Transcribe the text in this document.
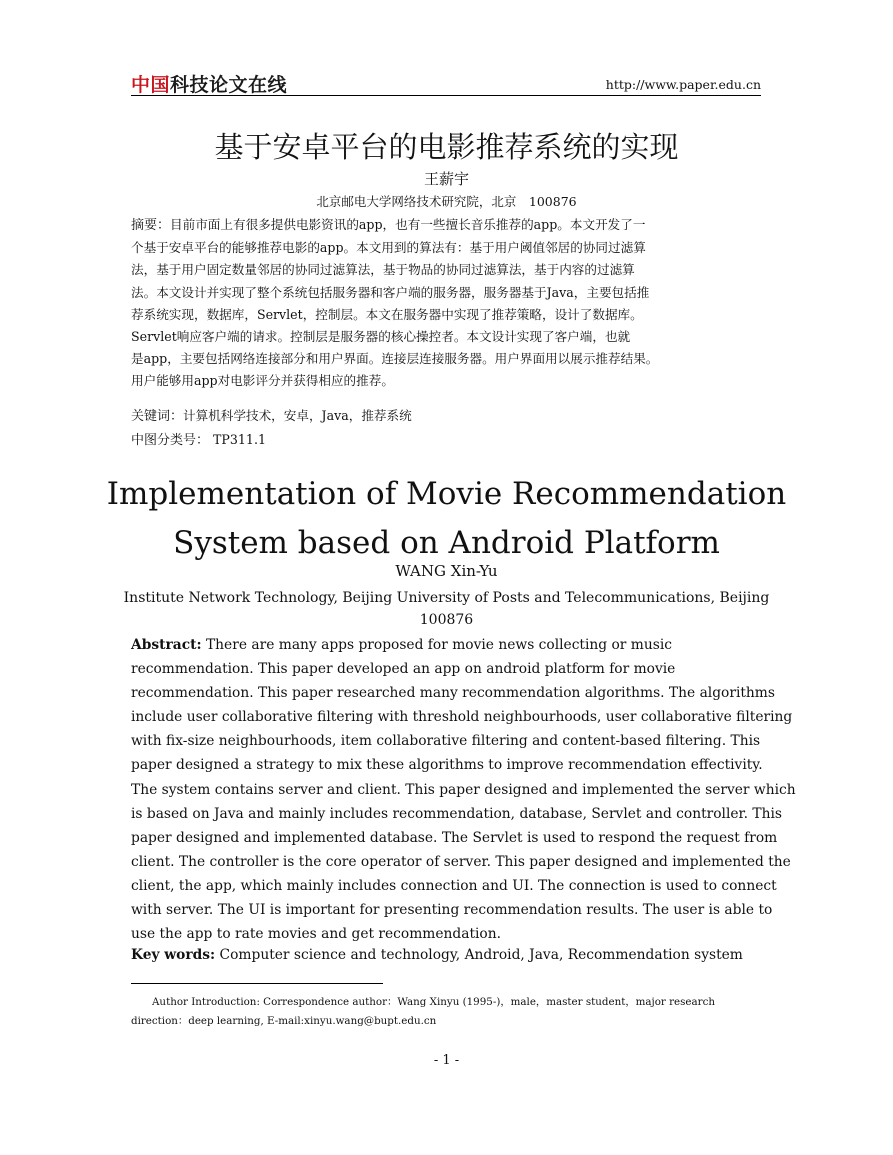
中国科技论文在线	http://www.paper.edu.cn
基于安卓平台的电影推荐系统的实现
王薪宇
北京邮电大学网络技术研究院，北京　100876
摘要：目前市面上有很多提供电影资讯的app，也有一些擅长音乐推荐的app。本文开发了一
个基于安卓平台的能够推荐电影的app。本文用到的算法有：基于用户阈值邻居的协同过滤算
法，基于用户固定数量邻居的协同过滤算法，基于物品的协同过滤算法，基于内容的过滤算
法。本文设计并实现了整个系统包括服务器和客户端的服务器，服务器基于Java，主要包括推
荐系统实现，数据库，Servlet，控制层。本文在服务器中实现了推荐策略，设计了数据库。
Servlet响应客户端的请求。控制层是服务器的核心操控者。本文设计实现了客户端，也就
是app，主要包括网络连接部分和用户界面。连接层连接服务器。用户界面用以展示推荐结果。
用户能够用app对电影评分并获得相应的推荐。
关键词：计算机科学技术，安卓，Java，推荐系统
中图分类号： TP311.1
Implementation of Movie Recommendation
System based on Android Platform
WANG Xin-Yu
Institute Network Technology, Beijing University of Posts and Telecommunications, Beijing
100876
Abstract: There are many apps proposed for movie news collecting or music
recommendation. This paper developed an app on android platform for movie
recommendation. This paper researched many recommendation algorithms. The algorithms
include user collaborative filtering with threshold neighbourhoods, user collaborative filtering
with fix-size neighbourhoods, item collaborative filtering and content-based filtering. This
paper designed a strategy to mix these algorithms to improve recommendation effectivity.
The system contains server and client. This paper designed and implemented the server which
is based on Java and mainly includes recommendation, database, Servlet and controller. This
paper designed and implemented database. The Servlet is used to respond the request from
client. The controller is the core operator of server. This paper designed and implemented the
client, the app, which mainly includes connection and UI. The connection is used to connect
with server. The UI is important for presenting recommendation results. The user is able to
use the app to rate movies and get recommendation.
Key words: Computer science and technology, Android, Java, Recommendation system
Author Introduction: Correspondence author：Wang Xinyu (1995-)，male，master student，major research
direction：deep learning, E-mail:xinyu.wang@bupt.edu.cn
- 1 -
